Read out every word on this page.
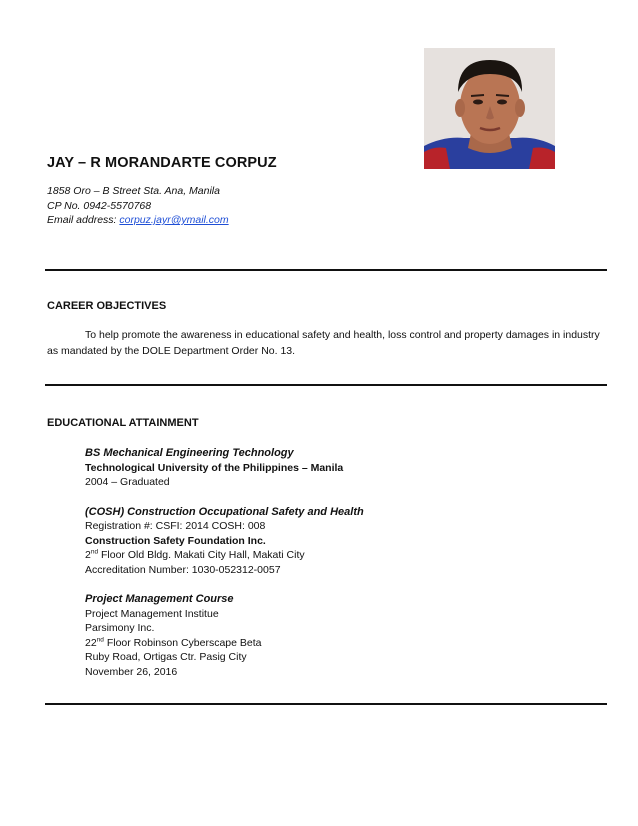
JAY – R MORANDARTE CORPUZ
1858 Oro – B Street Sta. Ana, Manila
CP No. 0942-5570768
Email address: corpuz.jayr@ymail.com
CAREER OBJECTIVES
To help promote the awareness in educational safety and health, loss control and property damages in industry as mandated by the DOLE Department Order No. 13.
EDUCATIONAL ATTAINMENT
BS Mechanical Engineering Technology
Technological University of the Philippines – Manila
2004 – Graduated
(COSH) Construction Occupational Safety and Health
Registration #: CSFI: 2014 COSH: 008
Construction Safety Foundation Inc.
2nd Floor Old Bldg. Makati City Hall, Makati City
Accreditation Number: 1030-052312-0057
Project Management Course
Project Management Institue
Parsimony Inc.
22nd Floor Robinson Cyberscape Beta
Ruby Road, Ortigas Ctr. Pasig City
November 26, 2016
